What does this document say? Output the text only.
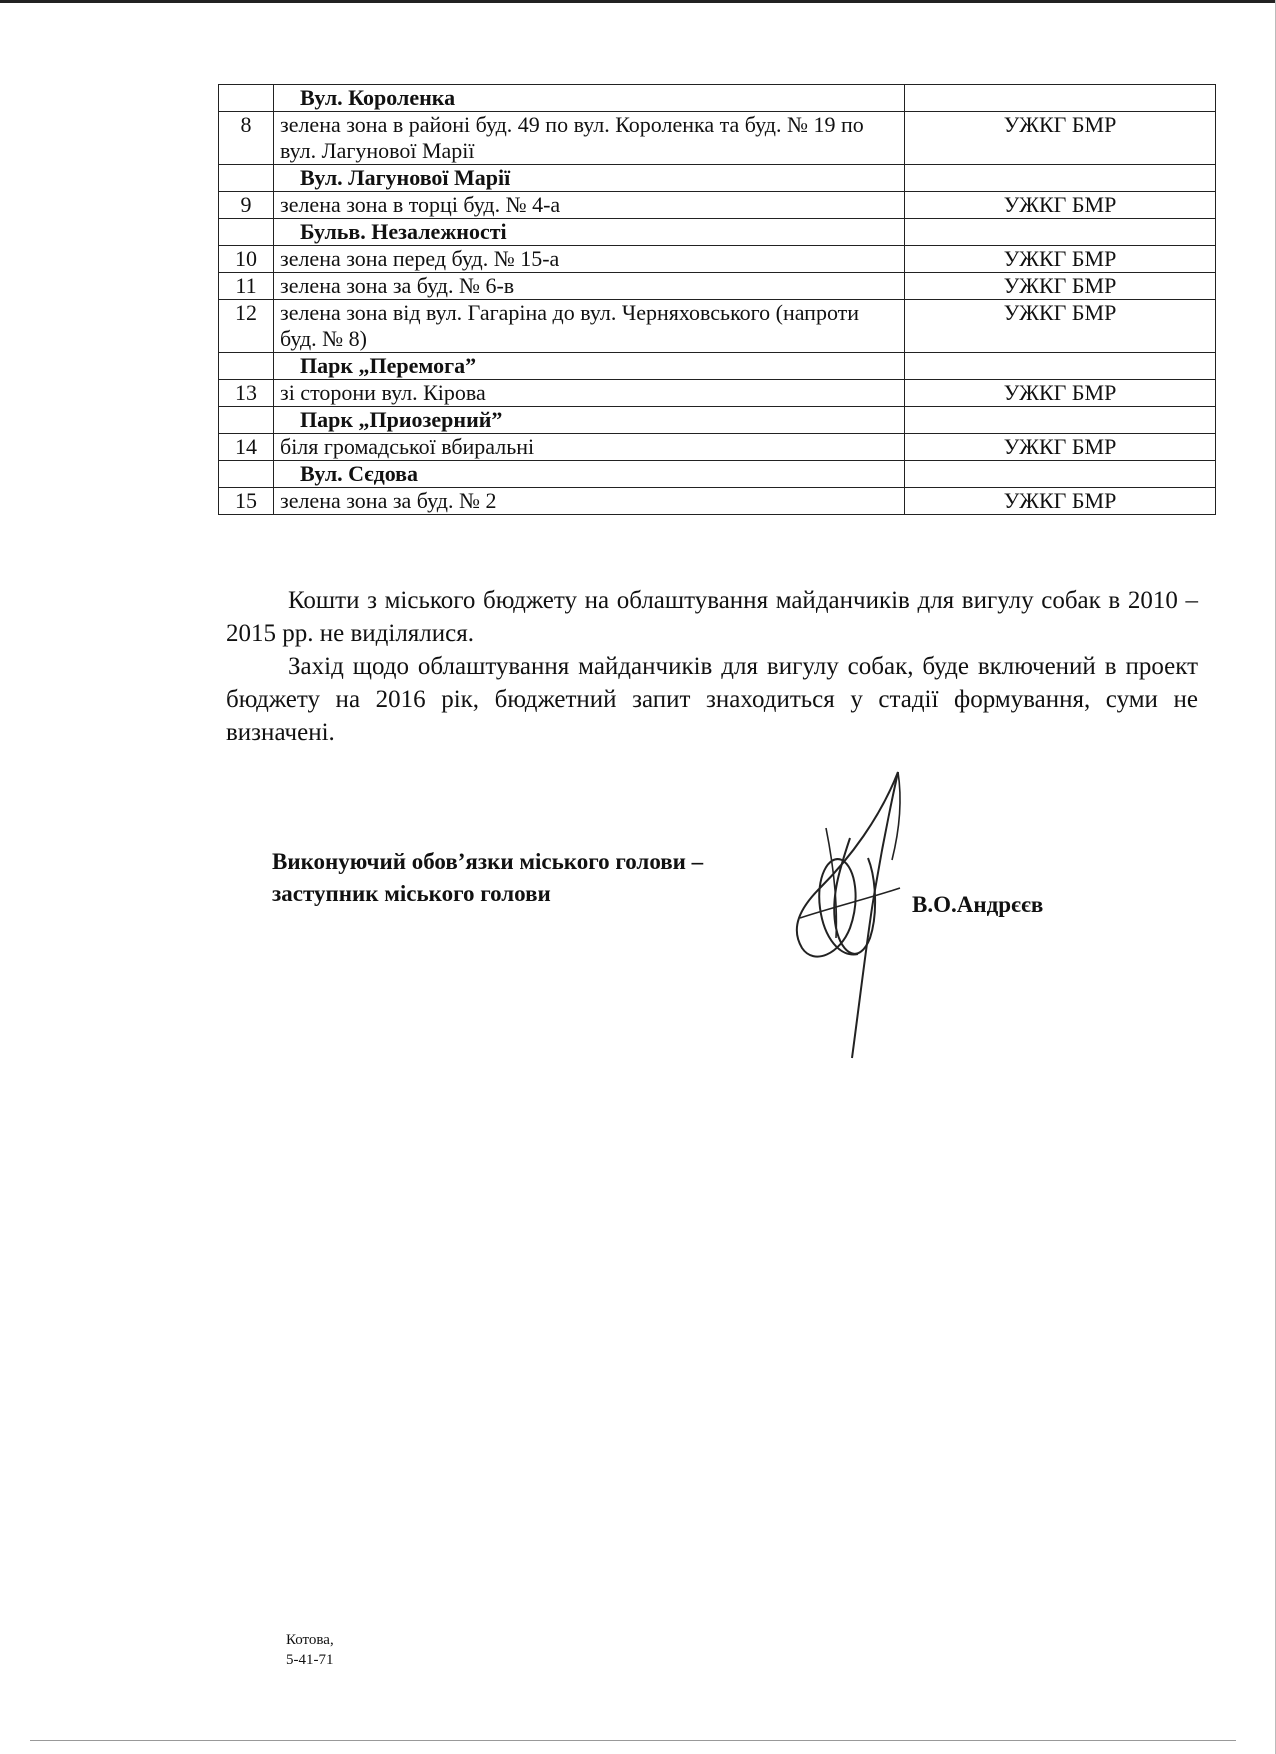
	Вул. Короленка	
8	зелена зона в районі буд. 49 по вул. Короленка та буд. № 19 по вул. Лагунової Марії	УЖКГ БМР
	Вул. Лагунової Марії	
9	зелена зона в торці буд. № 4-а	УЖКГ БМР
	Бульв. Незалежності	
10	зелена зона перед буд. № 15-а	УЖКГ БМР
11	зелена зона за буд. № 6-в	УЖКГ БМР
12	зелена зона від вул. Гагаріна до вул. Черняховського (напроти буд. № 8)	УЖКГ БМР
	Парк „Перемога”	
13	зі сторони вул. Кірова	УЖКГ БМР
	Парк „Приозерний”	
14	біля громадської вбиральні	УЖКГ БМР
	Вул. Сєдова	
15	зелена зона за буд. № 2	УЖКГ БМР

Кошти з міського бюджету на облаштування майданчиків для вигулу собак в 2010 – 2015 рр. не виділялися.

Захід щодо облаштування майданчиків для вигулу собак, буде включений в проект бюджету на 2016 рік, бюджетний запит знаходиться у стадії формування, суми не визначені.

Виконуючий обов’язки міського голови –
заступник міського голови	В.О.Андрєєв
Котова,
5-41-71
